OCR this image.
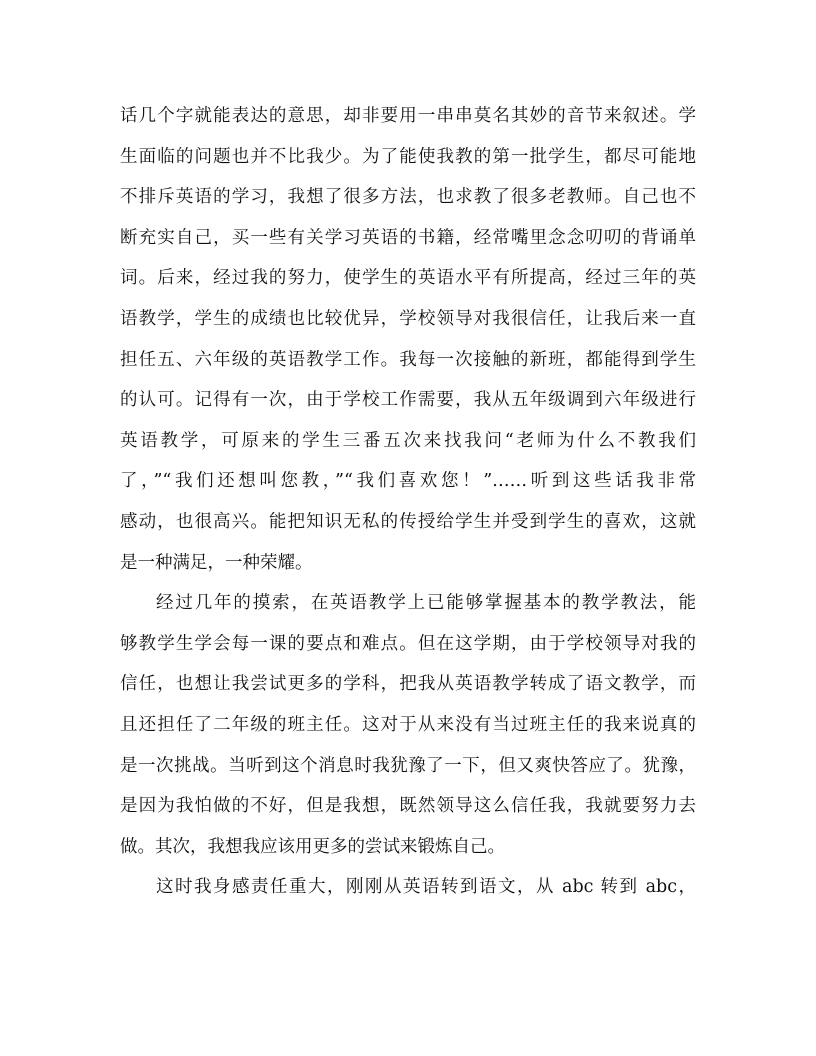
话几个字就能表达的意思，却非要用一串串莫名其妙的音节来叙述。学
生面临的问题也并不比我少。为了能使我教的第一批学生，都尽可能地
不排斥英语的学习，我想了很多方法，也求教了很多老教师。自己也不
断充实自己，买一些有关学习英语的书籍，经常嘴里念念叨叨的背诵单
词。后来，经过我的努力，使学生的英语水平有所提高，经过三年的英
语教学，学生的成绩也比较优异，学校领导对我很信任，让我后来一直
担任五、六年级的英语教学工作。我每一次接触的新班，都能得到学生
的认可。记得有一次，由于学校工作需要，我从五年级调到六年级进行
英语教学，可原来的学生三番五次来找我问“老师为什么不教我们
了，”“我们还想叫您教，”“我们喜欢您！”……听到这些话我非常
感动，也很高兴。能把知识无私的传授给学生并受到学生的喜欢，这就
是一种满足，一种荣耀。
经过几年的摸索，在英语教学上已能够掌握基本的教学教法，能
够教学生学会每一课的要点和难点。但在这学期，由于学校领导对我的
信任，也想让我尝试更多的学科，把我从英语教学转成了语文教学，而
且还担任了二年级的班主任。这对于从来没有当过班主任的我来说真的
是一次挑战。当听到这个消息时我犹豫了一下，但又爽快答应了。犹豫，
是因为我怕做的不好，但是我想，既然领导这么信任我，我就要努力去
做。其次，我想我应该用更多的尝试来锻炼自己。
这时我身感责任重大，刚刚从英语转到语文，从 abc 转到 abc，
